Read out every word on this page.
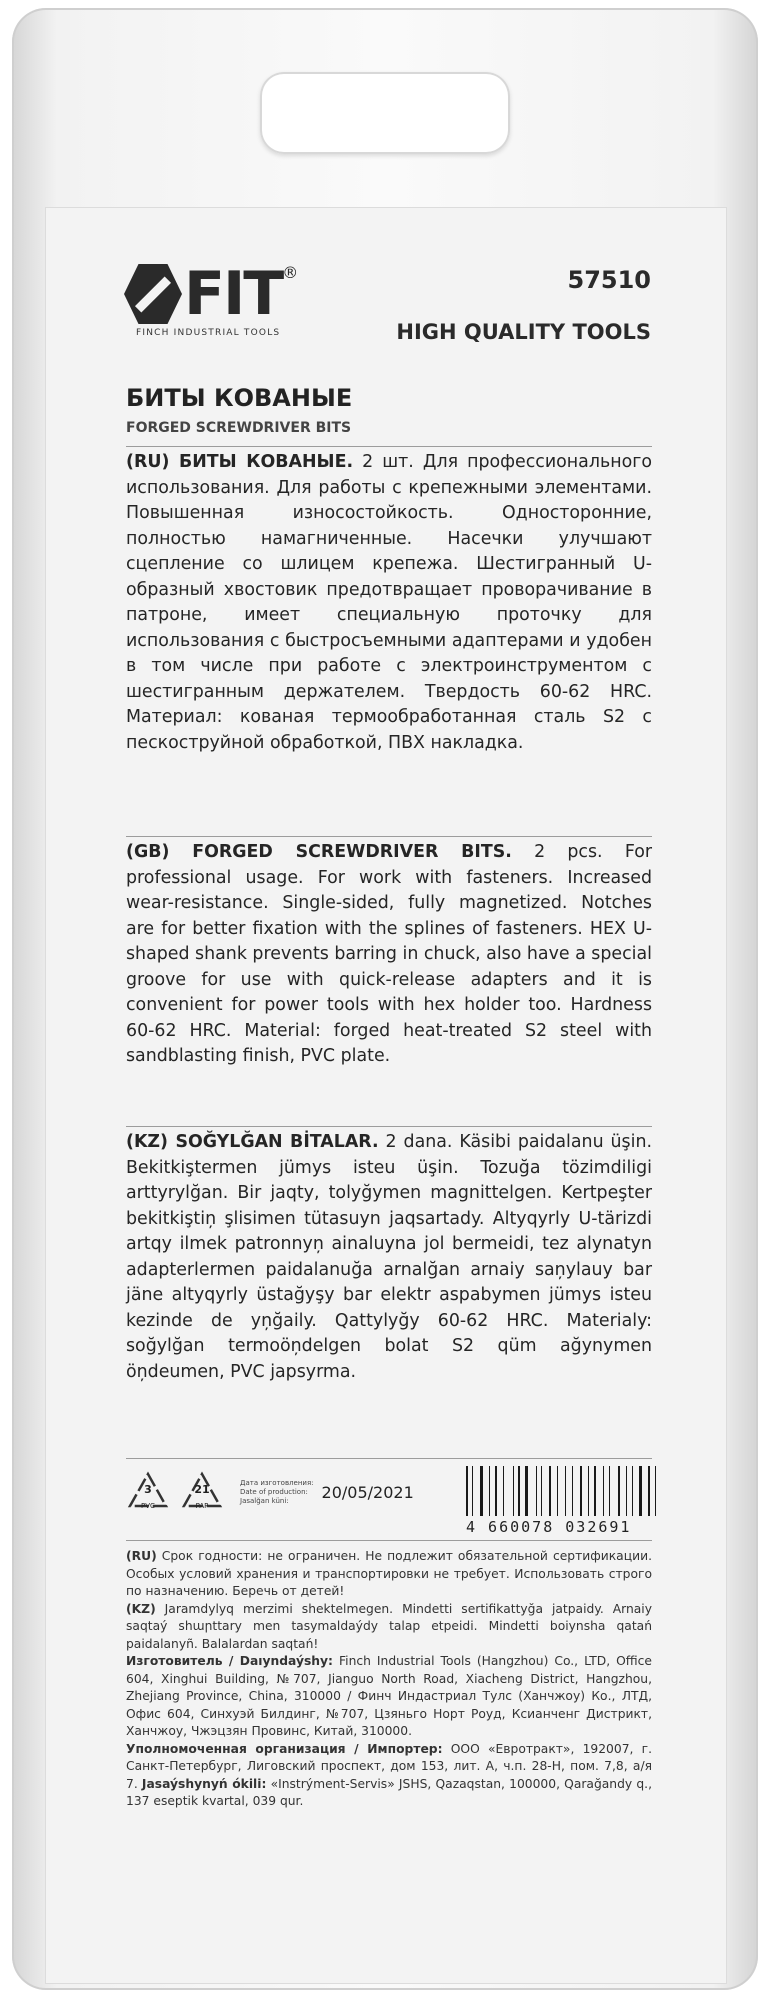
FIT ®
FINCH INDUSTRIAL TOOLS
57510
HIGH QUALITY TOOLS
БИТЫ КОВАНЫЕ
FORGED SCREWDRIVER BITS
(RU) БИТЫ КОВАНЫЕ. 2 шт. Для профессионального использования. Для работы с крепежными элементами. Повышенная износостойкость. Односторонние, полностью намагниченные. Насечки улучшают сцепление со шлицем крепежа. Шестигранный U-образный хвостовик предотвращает проворачивание в патроне, имеет специальную проточку для использования с быстросъемными адаптерами и удобен в том числе при работе с электроинструментом с шестигранным держателем. Твердость 60-62 HRC. Материал: кованая термообработанная сталь S2 с пескоструйной обработкой, ПВХ накладка.
(GB) FORGED SCREWDRIVER BITS. 2 pcs. For professional usage. For work with fasteners. Increased wear-resistance. Single-sided, fully magnetized. Notches are for better fixation with the splines of fasteners. HEX U-shaped shank prevents barring in chuck, also have a special groove for use with quick-release adapters and it is convenient for power tools with hex holder too. Hardness 60-62 HRC. Material: forged heat-treated S2 steel with sandblasting finish, PVC plate.
(KZ) SOĞYLĞAN BİTALAR. 2 dana. Käsibi paidalanu üşin. Bekitkiştermen jümys isteu üşin. Tozuğa tözimdiligi arttyrylğan. Bir jaqty, tolyğymen magnittelgen. Kertpeşter bekitkiştiņ şlisimen tütasuyn jaqsartady. Altyqyrly U-tärizdi artqy ilmek patronnyņ ainaluyna jol bermeidi, tez alynatyn adapterlermen paidalanuğa arnalğan arnaiy saņylauy bar jäne altyqyrly üstağyşy bar elektr aspabymen jümys isteu kezinde de yņğaily. Qattylyğy 60-62 HRC. Materialy: soğylğan termoöņdelgen bolat S2 qüm ağynymen öņdeumen, PVC japsyrma.
3
PVC
21
PAP
Дата изготовления:
Date of production:
Jasalğan küni:	20/05/2021
4 660078 032691
(RU) Срок годности: не ограничен. Не подлежит обязательной сертификации. Особых условий хранения и транспортировки не требует. Использовать строго по назначению. Беречь от детей!
(KZ) Jaramdylyq merzimi shektelmegen. Mindetti sertifikattyğa jatpaidy. Arnaiy saqtaý shարttary men tasymaldaýdy talap etpeidi. Mindetti boiynsha qatań paidalanyñ. Balalardan saqtań!
Изготовитель / Daıyndaýshy: Finch Industrial Tools (Hangzhou) Co., LTD, Office 604, Xinghui Building, №707, Jianguo North Road, Xiacheng District, Hangzhou, Zhejiang Province, China, 310000 / Финч Индастриал Тулс (Ханчжоу) Ко., ЛТД, Офис 604, Синхуэй Билдинг, №707, Цзяньго Норт Роуд, Ксианченг Дистрикт, Ханчжоу, Чжэцзян Провинс, Китай, 310000.
Уполномоченная организация / Импортер: ООО «Евротракт», 192007, г. Санкт-Петербург, Лиговский проспект, дом 153, лит. А, ч.п. 28-Н, пом. 7,8, а/я 7. Jasaýshynyń ókili: «Instrýment-Servis» JSHS, Qazaqstan, 100000, Qarağandy q., 137 eseptik kvartal, 039 qur.
